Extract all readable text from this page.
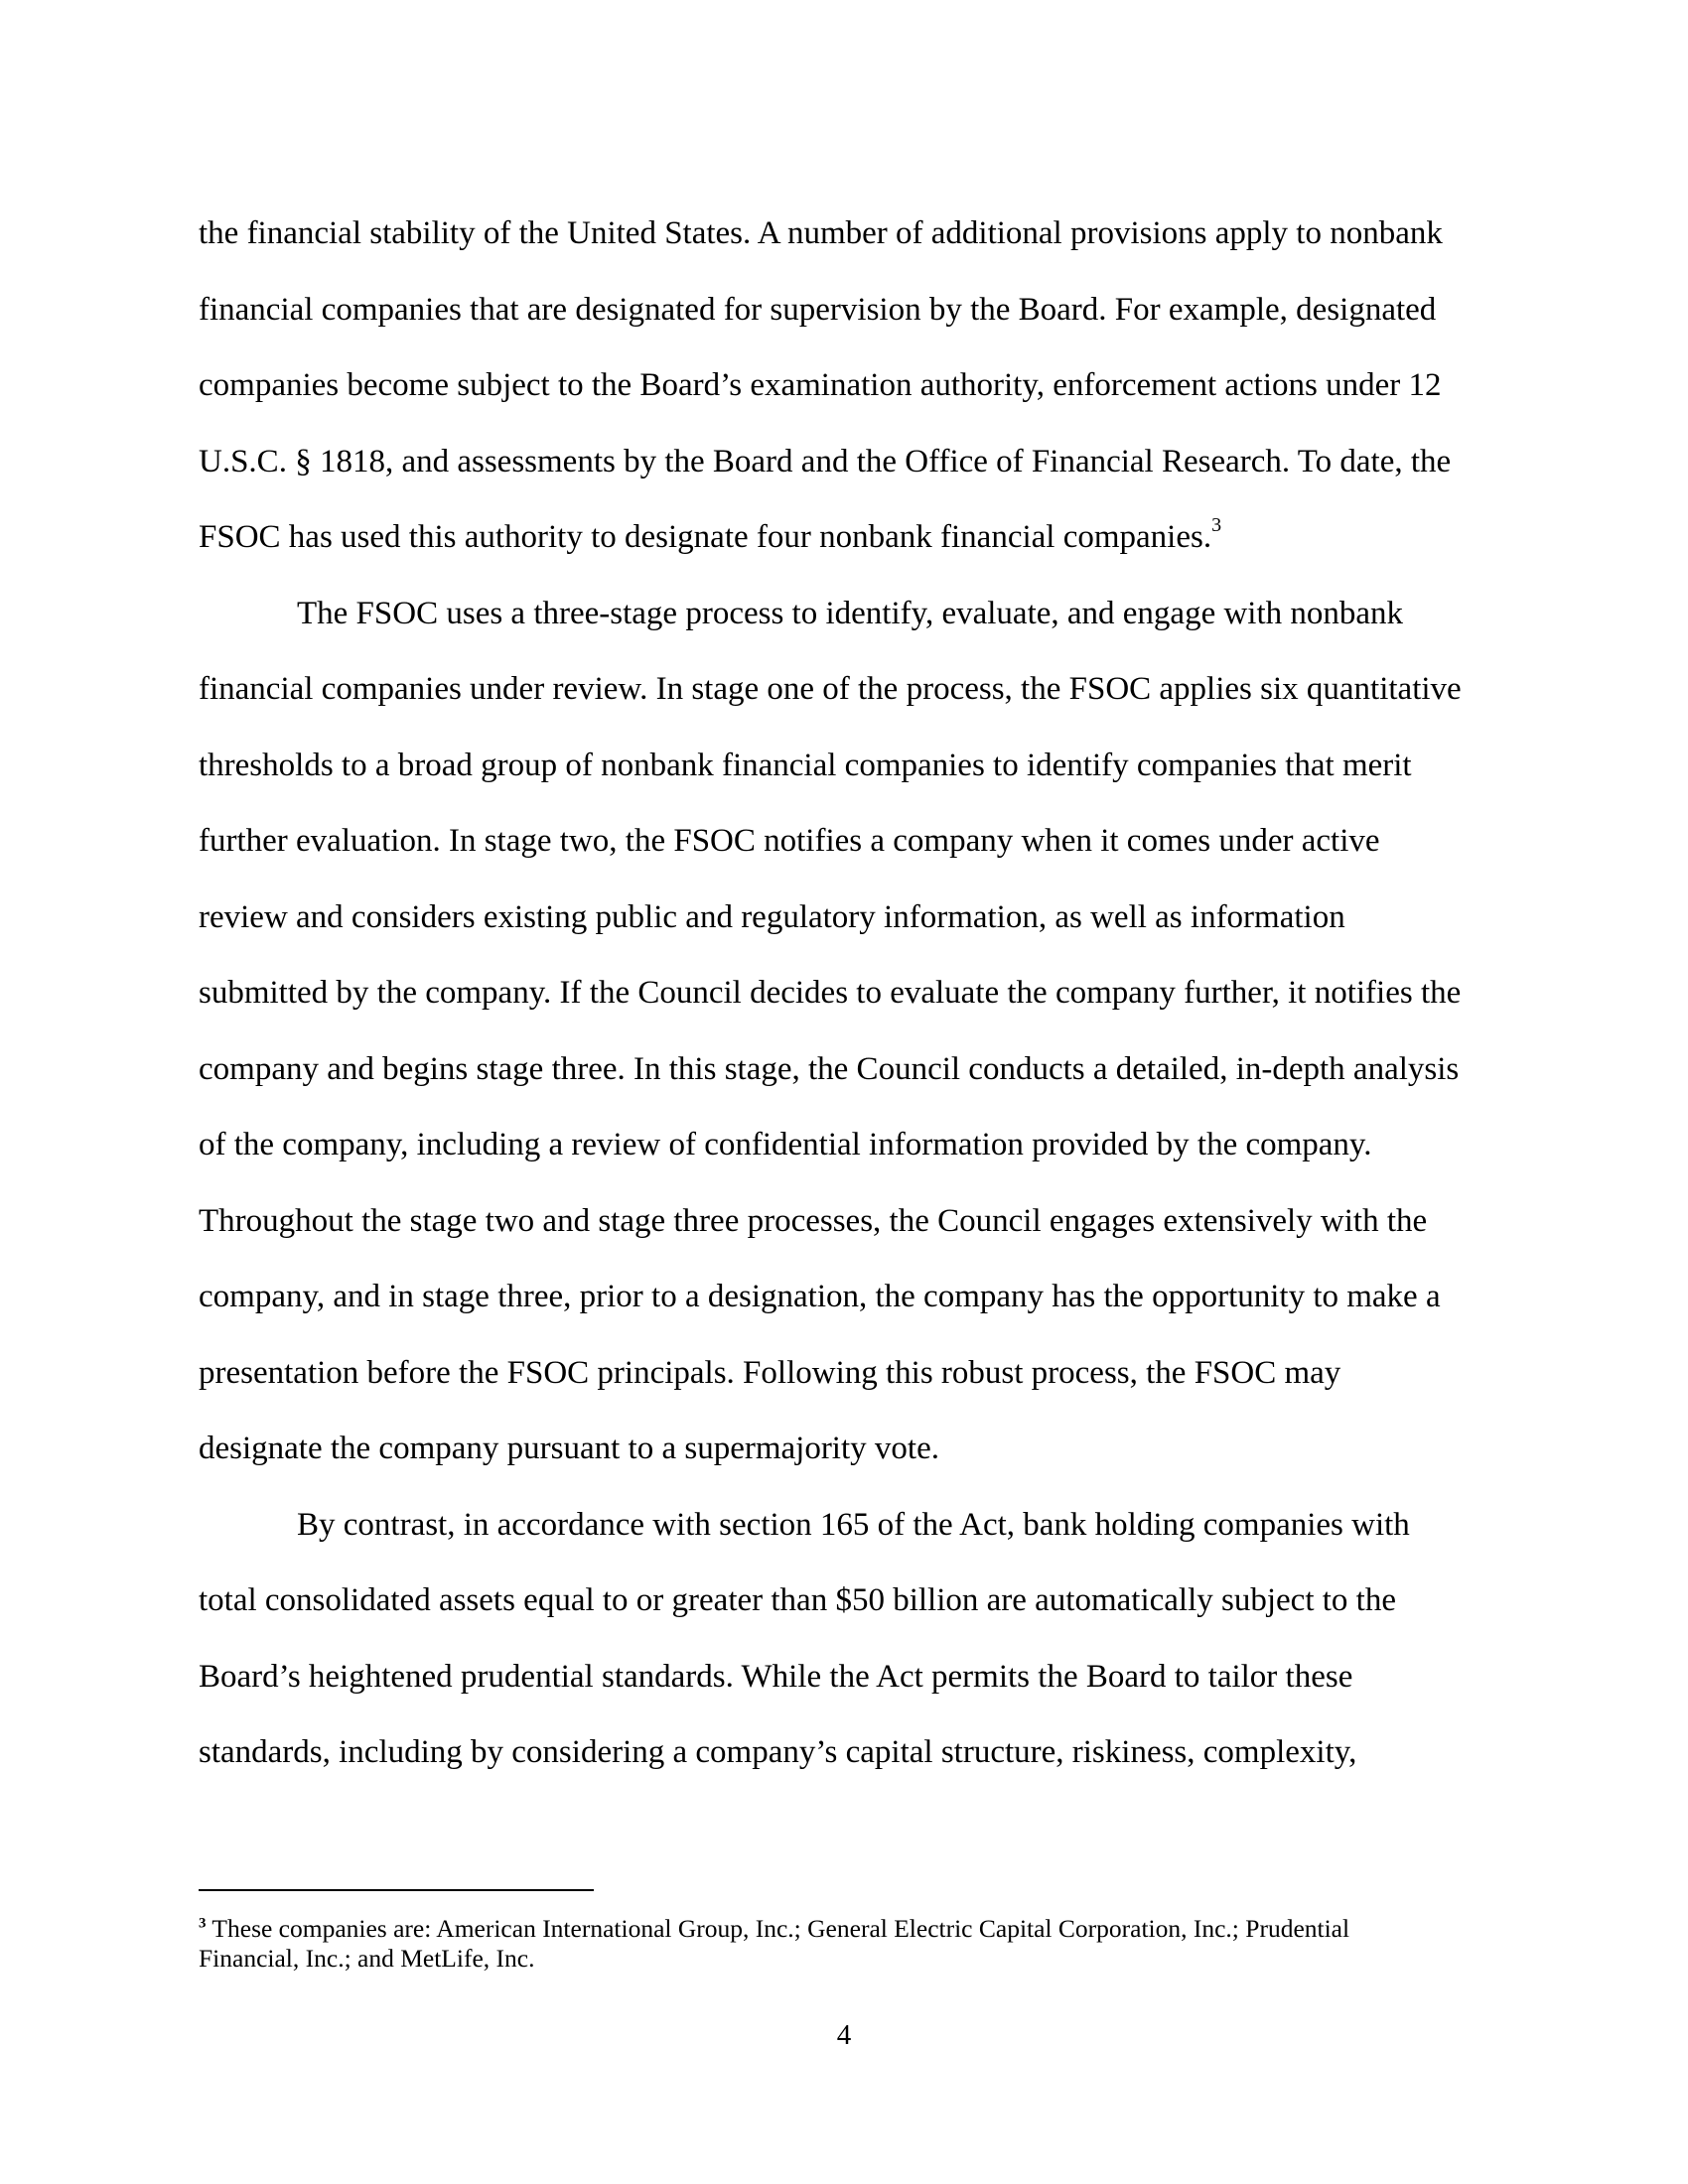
the financial stability of the United States. A number of additional provisions apply to nonbank
financial companies that are designated for supervision by the Board. For example, designated
companies become subject to the Board’s examination authority, enforcement actions under 12
U.S.C. § 1818, and assessments by the Board and the Office of Financial Research. To date, the
FSOC has used this authority to designate four nonbank financial companies.$^3$
The FSOC uses a three-stage process to identify, evaluate, and engage with nonbank
financial companies under review. In stage one of the process, the FSOC applies six quantitative
thresholds to a broad group of nonbank financial companies to identify companies that merit
further evaluation. In stage two, the FSOC notifies a company when it comes under active
review and considers existing public and regulatory information, as well as information
submitted by the company. If the Council decides to evaluate the company further, it notifies the
company and begins stage three. In this stage, the Council conducts a detailed, in-depth analysis
of the company, including a review of confidential information provided by the company.
Throughout the stage two and stage three processes, the Council engages extensively with the
company, and in stage three, prior to a designation, the company has the opportunity to make a
presentation before the FSOC principals. Following this robust process, the FSOC may
designate the company pursuant to a supermajority vote.
By contrast, in accordance with section 165 of the Act, bank holding companies with
total consolidated assets equal to or greater than $50 billion are automatically subject to the
Board’s heightened prudential standards. While the Act permits the Board to tailor these
standards, including by considering a company’s capital structure, riskiness, complexity,
$^3$ These companies are: American International Group, Inc.; General Electric Capital Corporation, Inc.; Prudential
Financial, Inc.; and MetLife, Inc.
4
